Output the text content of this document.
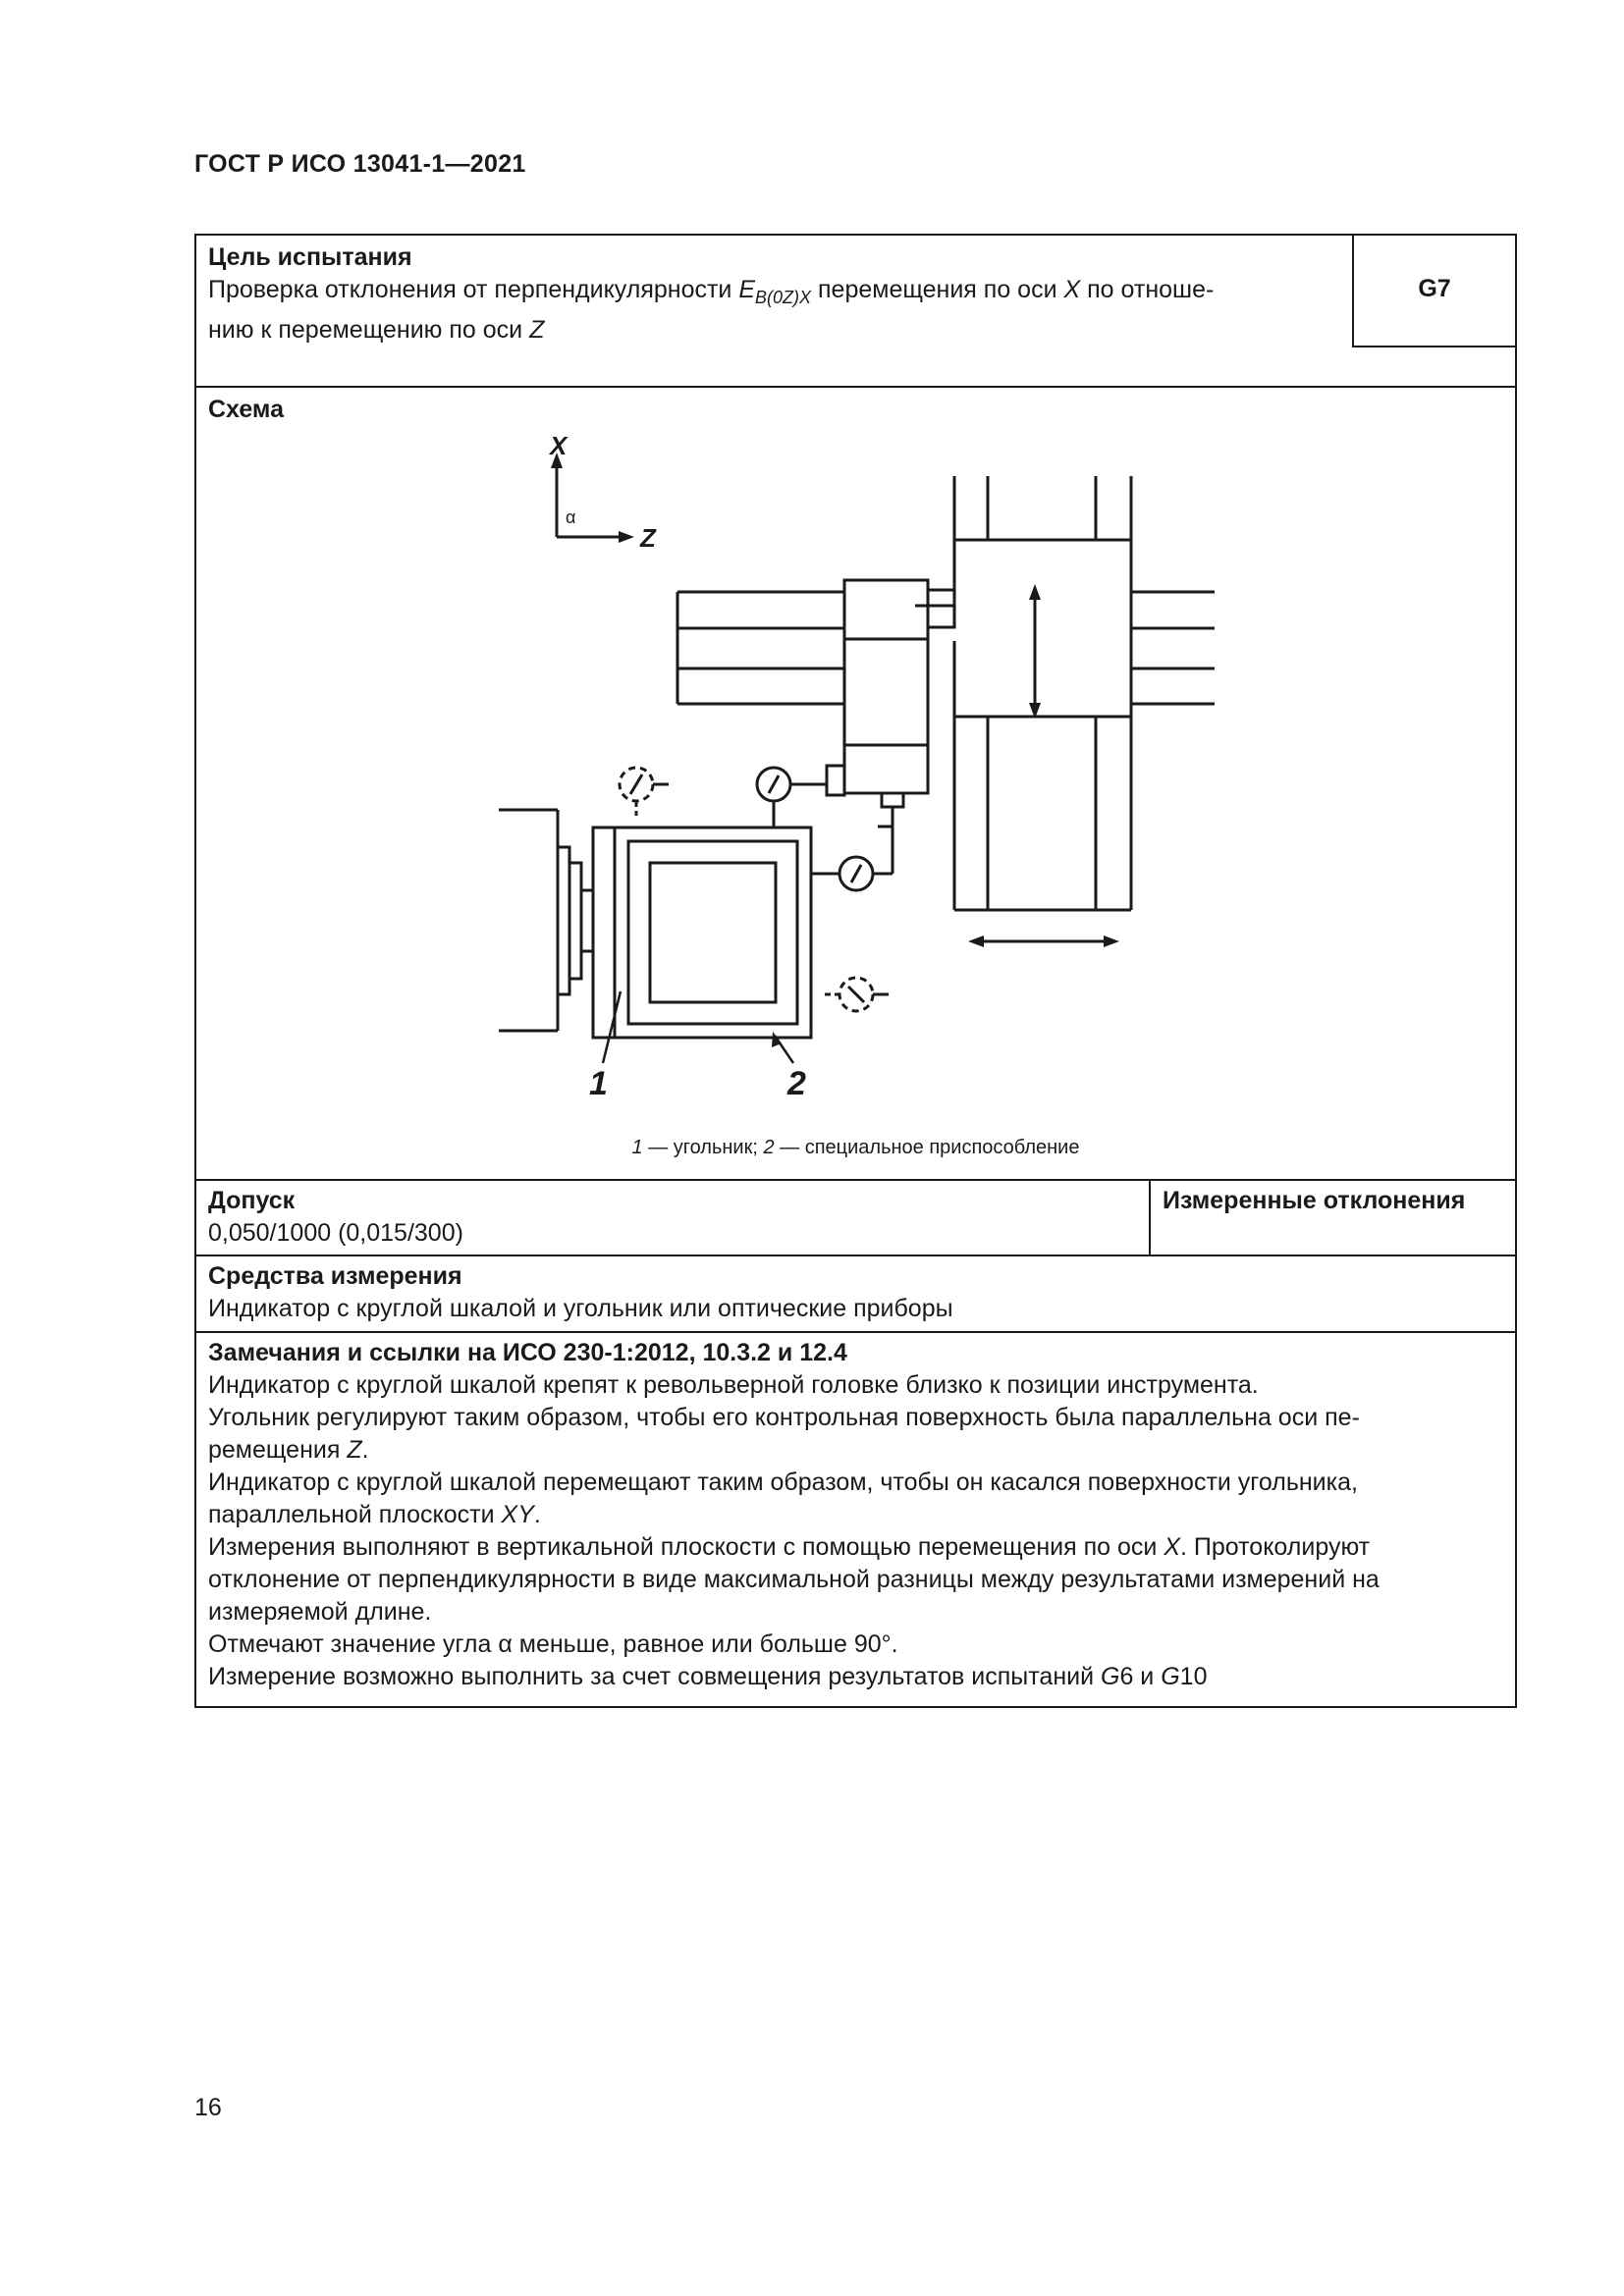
ГОСТ Р ИСО 13041-1—2021
Цель испытания
Проверка отклонения от перпендикулярности $E_{B(0Z)X}$ перемещения по оси X по отноше-
нию к перемещению по оси Z
G7
Схема
X
Z
α
1	2
1 — угольник; 2 — специальное приспособление
Допуск
0,050/1000 (0,015/300)
Измеренные отклонения
Средства измерения
Индикатор с круглой шкалой и угольник или оптические приборы

Замечания и ссылки на ИСО 230-1:2012, 10.3.2 и 12.4

Индикатор с круглой шкалой крепят к револьверной головке близко к позиции инструмента.

Угольник регулируют таким образом, чтобы его контрольная поверхность была параллельна оси пе-
ремещения Z.

Индикатор с круглой шкалой перемещают таким образом, чтобы он касался поверхности угольника,
параллельной плоскости XY.

Измерения выполняют в вертикальной плоскости с помощью перемещения по оси X. Протоколируют
отклонение от перпендикулярности в виде максимальной разницы между результатами измерений на
измеряемой длине.

Отмечают значение угла α меньше, равное или больше 90°.

Измерение возможно выполнить за счет совмещения результатов испытаний G6 и G10

16
